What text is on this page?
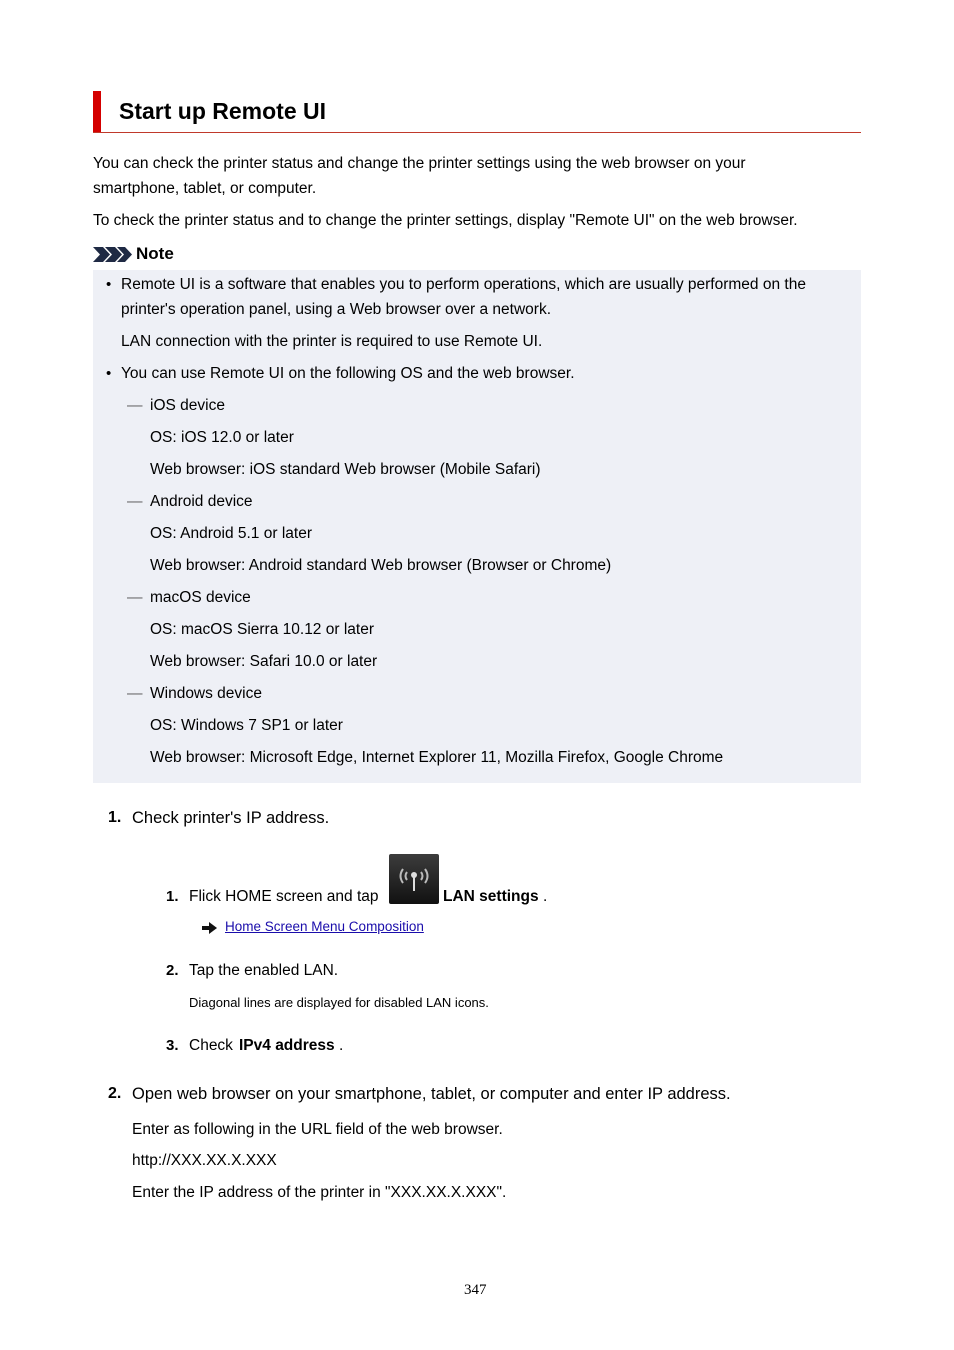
Start up Remote UI
You can check the printer status and change the printer settings using the web browser on your
smartphone, tablet, or computer.
To check the printer status and to change the printer settings, display "Remote UI" on the web browser.
Note
• Remote UI is a software that enables you to perform operations, which are usually performed on the
printer's operation panel, using a Web browser over a network.
LAN connection with the printer is required to use Remote UI.
• You can use Remote UI on the following OS and the web browser.
— iOS device
OS: iOS 12.0 or later
Web browser: iOS standard Web browser (Mobile Safari)
— Android device
OS: Android 5.1 or later
Web browser: Android standard Web browser (Browser or Chrome)
— macOS device
OS: macOS Sierra 10.12 or later
Web browser: Safari 10.0 or later
— Windows device
OS: Windows 7 SP1 or later
Web browser: Microsoft Edge, Internet Explorer 11, Mozilla Firefox, Google Chrome
1. Check printer's IP address.
1. Flick HOME screen and tap	LAN settings .
Home Screen Menu Composition
2. Tap the enabled LAN.
Diagonal lines are displayed for disabled LAN icons.
3. Check IPv4 address .
2. Open web browser on your smartphone, tablet, or computer and enter IP address.
Enter as following in the URL field of the web browser.
http://XXX.XX.X.XXX
Enter the IP address of the printer in "XXX.XX.X.XXX".
347
